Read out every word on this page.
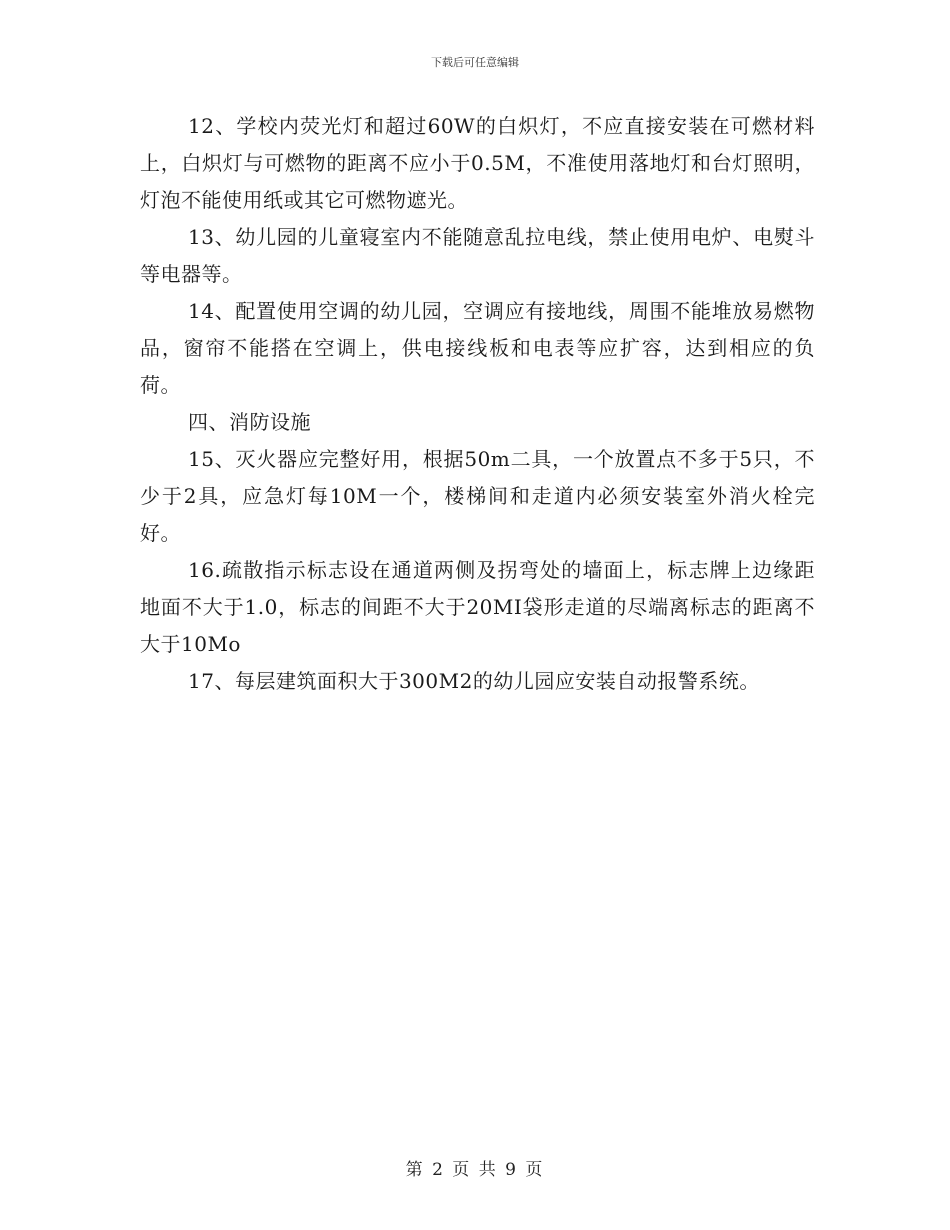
下载后可任意编辑

12、学校内荧光灯和超过60W的白炽灯，不应直接安装在可燃材料上，白炽灯与可燃物的距离不应小于0.5M，不准使用落地灯和台灯照明，灯泡不能使用纸或其它可燃物遮光。

13、幼儿园的儿童寝室内不能随意乱拉电线，禁止使用电炉、电熨斗等电器等。

14、配置使用空调的幼儿园，空调应有接地线，周围不能堆放易燃物品，窗帘不能搭在空调上，供电接线板和电表等应扩容，达到相应的负荷。

四、消防设施

15、灭火器应完整好用，根据50m二具，一个放置点不多于5只，不少于2具，应急灯每10M一个，楼梯间和走道内必须安装室外消火栓完好。

16.疏散指示标志设在通道两侧及拐弯处的墙面上，标志牌上边缘距地面不大于1.0，标志的间距不大于20MI袋形走道的尽端离标志的距离不大于10Mo

17、每层建筑面积大于300M2的幼儿园应安装自动报警系统。

第 2 页 共 9 页
